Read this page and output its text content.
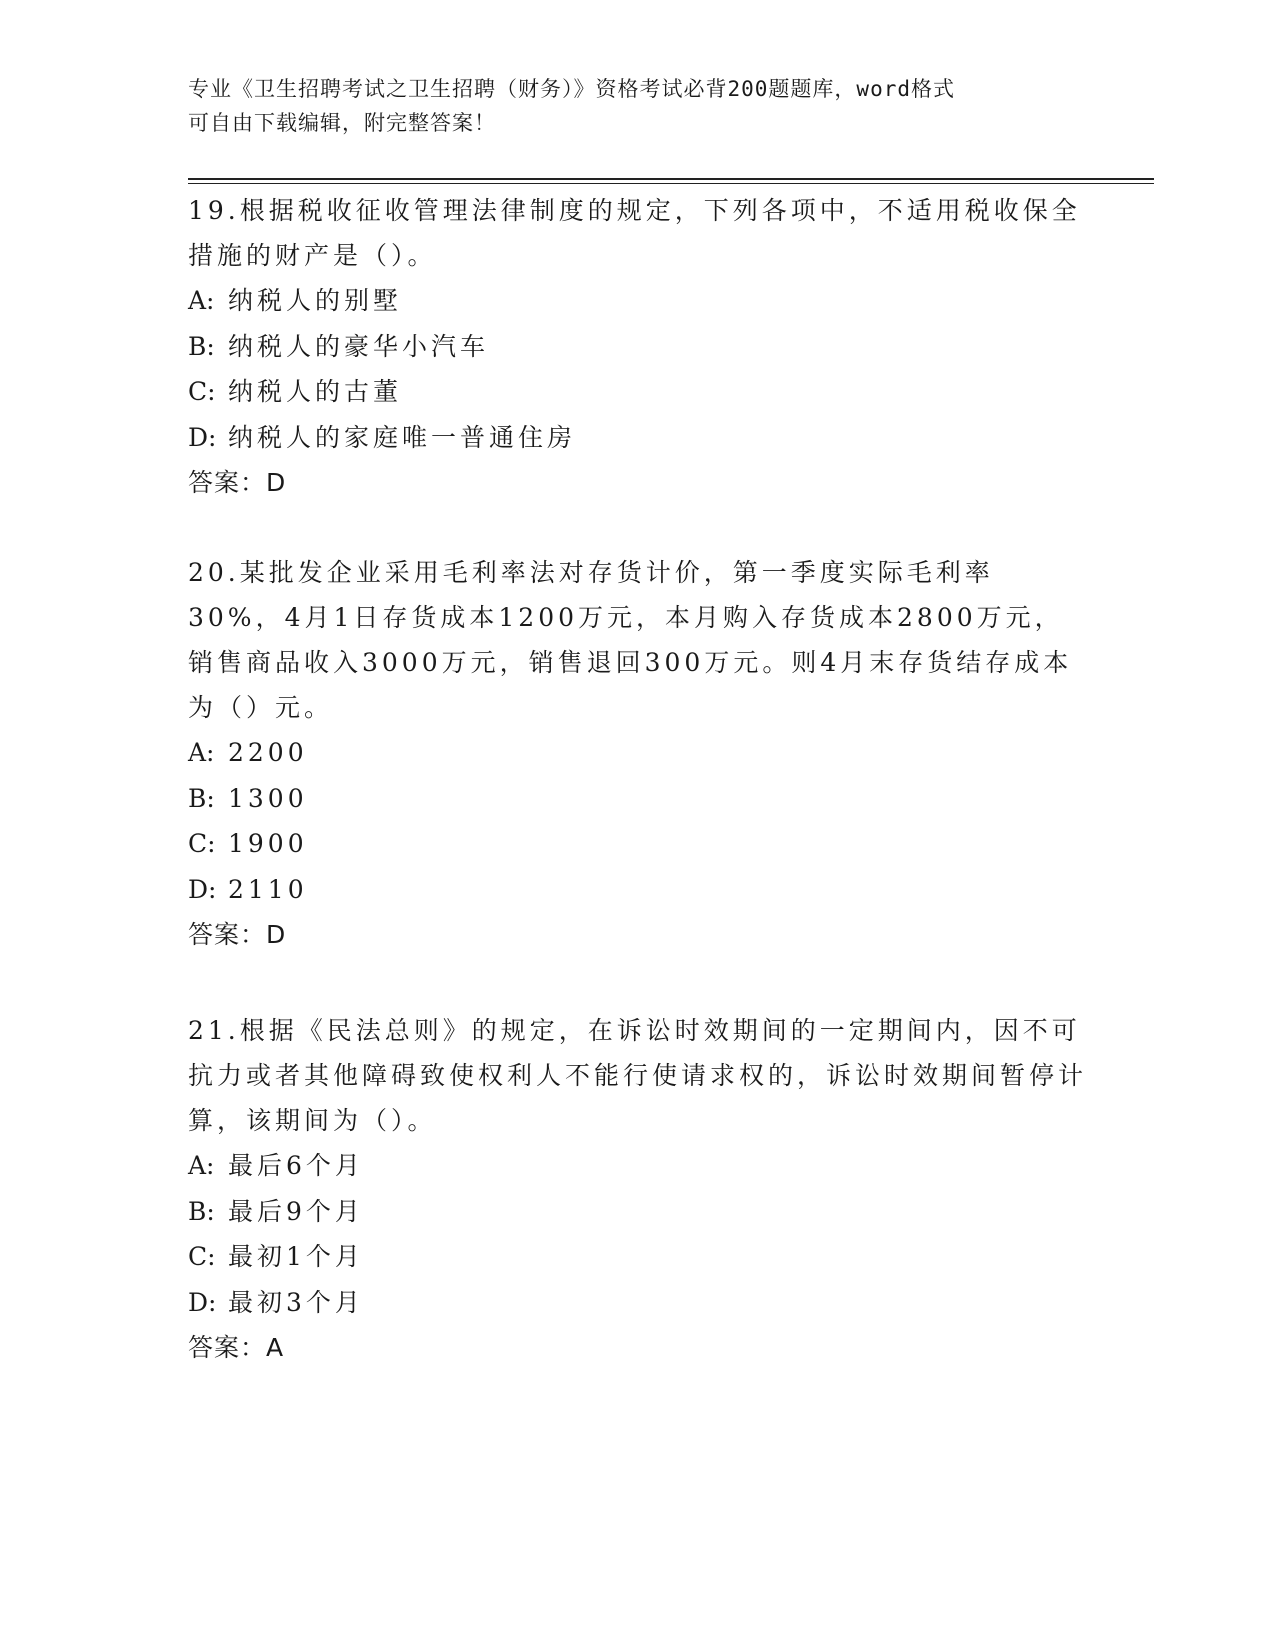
专业《卫生招聘考试之卫生招聘（财务）》资格考试必背200题题库，word格式

可自由下载编辑，附完整答案！

19.根据税收征收管理法律制度的规定，下列各项中，不适用税收保全措施的财产是（）。

A: 纳税人的别墅
B: 纳税人的豪华小汽车
C: 纳税人的古董
D: 纳税人的家庭唯一普通住房

答案：D

20.某批发企业采用毛利率法对存货计价，第一季度实际毛利率30%，4月1日存货成本1200万元，本月购入存货成本2800万元，销售商品收入3000万元，销售退回300万元。则4月末存货结存成本为（）元。

A: 2200
B: 1300
C: 1900
D: 2110

答案：D

21.根据《民法总则》的规定，在诉讼时效期间的一定期间内，因不可抗力或者其他障碍致使权利人不能行使请求权的，诉讼时效期间暂停计算，该期间为（）。

A: 最后6个月
B: 最后9个月
C: 最初1个月
D: 最初3个月

答案：A
